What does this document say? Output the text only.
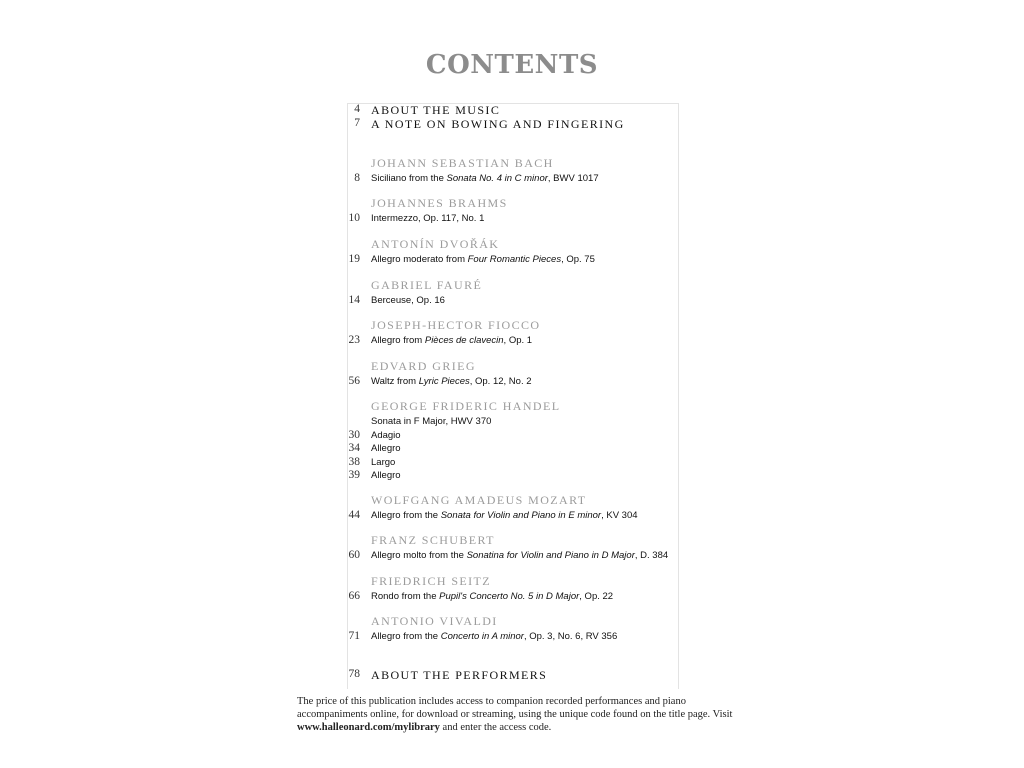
CONTENTS
4 ABOUT THE MUSIC
7 A NOTE ON BOWING AND FINGERING
JOHANN SEBASTIAN BACH
8 Siciliano from the Sonata No. 4 in C minor, BWV 1017
JOHANNES BRAHMS
10 Intermezzo, Op. 117, No. 1
ANTONÍN DVOŘÁK
19 Allegro moderato from Four Romantic Pieces, Op. 75
GABRIEL FAURÉ
14 Berceuse, Op. 16
JOSEPH-HECTOR FIOCCO
23 Allegro from Pièces de clavecin, Op. 1
EDVARD GRIEG
56 Waltz from Lyric Pieces, Op. 12, No. 2
GEORGE FRIDERIC HANDEL
Sonata in F Major, HWV 370
30 Adagio
34 Allegro
38 Largo
39 Allegro
WOLFGANG AMADEUS MOZART
44 Allegro from the Sonata for Violin and Piano in E minor, KV 304
FRANZ SCHUBERT
60 Allegro molto from the Sonatina for Violin and Piano in D Major, D. 384
FRIEDRICH SEITZ
66 Rondo from the Pupil's Concerto No. 5 in D Major, Op. 22
ANTONIO VIVALDI
71 Allegro from the Concerto in A minor, Op. 3, No. 6, RV 356
78 ABOUT THE PERFORMERS
The price of this publication includes access to companion recorded performances and piano accompaniments online, for download or streaming, using the unique code found on the title page. Visit www.halleonard.com/mylibrary and enter the access code.
